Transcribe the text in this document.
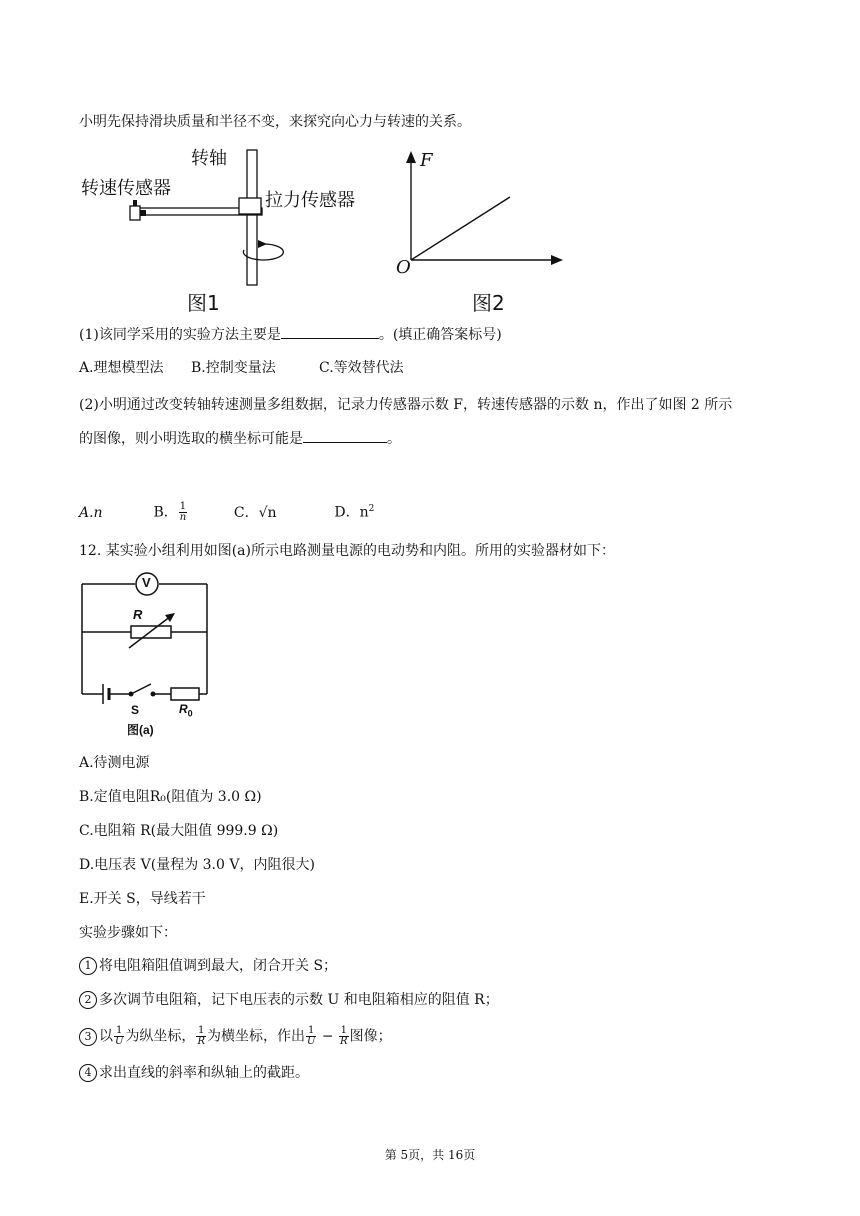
小明先保持滑块质量和半径不变，来探究向心力与转速的关系。
转轴
转速传感器
拉力传感器
图1
F
O
图2
(1)该同学采用的实验方法主要是	。(填正确答案标号)
A.理想模型法 B.控制变量法	C.等效替代法
(2)小明通过改变转轴转速测量多组数据，记录力传感器示数 F，转速传感器的示数 n，作出了如图 2 所示
的图像，则小明选取的横坐标可能是	。
A.n	B． $\frac{1}{n}$	C．√n	D．$n^2$
12. 某实验小组利用如图(a)所示电路测量电源的电动势和内阻。所用的实验器材如下：
V
R
S	$R_0$
图(a)
A.待测电源
B.定值电阻R₀(阻值为 3.0 Ω)
C.电阻箱 R(最大阻值 999.9 Ω)
D.电压表 V(量程为 3.0 V，内阻很大)
E.开关 S，导线若干
实验步骤如下：
1 将电阻箱阻值调到最大，闭合开关 S；
2 多次调节电阻箱，记下电压表的示数 U 和电阻箱相应的阻值 R；
3 以 $\frac{1}{U}$ 为纵坐标， $\frac{1}{R}$ 为横坐标，作出 $\frac{1}{U} - \frac{1}{R}$ 图像；
4 求出直线的斜率和纵轴上的截距。
第 5页，共 16页
